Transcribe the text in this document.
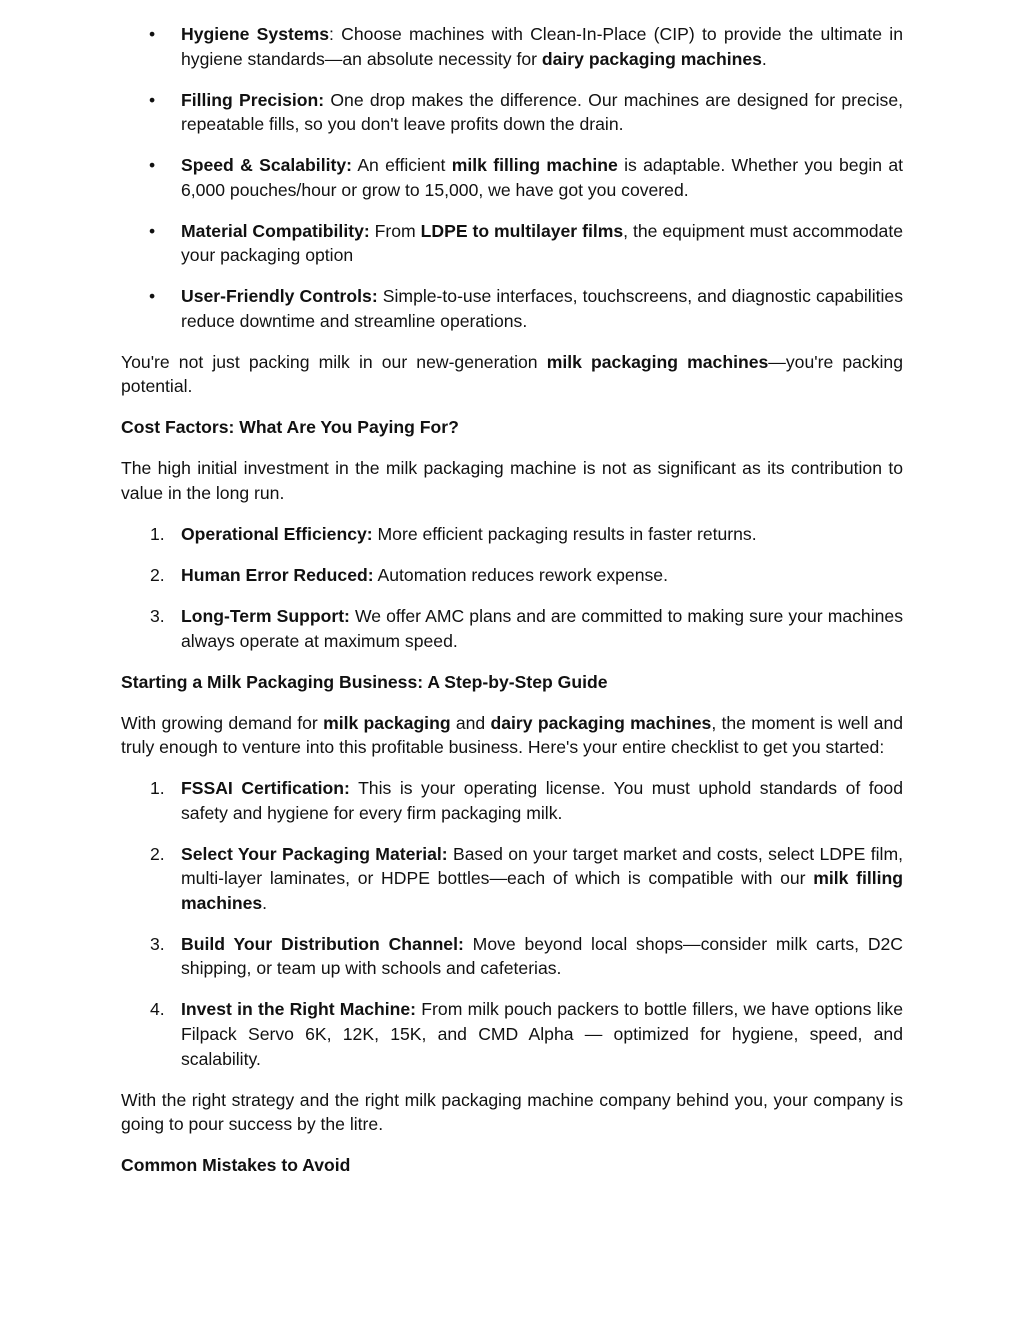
• Hygiene Systems: Choose machines with Clean-In-Place (CIP) to provide the ultimate in hygiene standards—an absolute necessity for dairy packaging machines.
• Filling Precision: One drop makes the difference. Our machines are designed for precise, repeatable fills, so you don't leave profits down the drain.
• Speed & Scalability: An efficient milk filling machine is adaptable. Whether you begin at 6,000 pouches/hour or grow to 15,000, we have got you covered.
• Material Compatibility: From LDPE to multilayer films, the equipment must accommodate your packaging option
• User-Friendly Controls: Simple-to-use interfaces, touchscreens, and diagnostic capabilities reduce downtime and streamline operations.

You're not just packing milk in our new-generation milk packaging machines—you're packing potential.

Cost Factors: What Are You Paying For?

The high initial investment in the milk packaging machine is not as significant as its contribution to value in the long run.

1. Operational Efficiency: More efficient packaging results in faster returns.
2. Human Error Reduced: Automation reduces rework expense.
3. Long-Term Support: We offer AMC plans and are committed to making sure your machines always operate at maximum speed.

Starting a Milk Packaging Business: A Step-by-Step Guide

With growing demand for milk packaging and dairy packaging machines, the moment is well and truly enough to venture into this profitable business. Here's your entire checklist to get you started:

1. FSSAI Certification: This is your operating license. You must uphold standards of food safety and hygiene for every firm packaging milk.
2. Select Your Packaging Material: Based on your target market and costs, select LDPE film, multi-layer laminates, or HDPE bottles—each of which is compatible with our milk filling machines.
3. Build Your Distribution Channel: Move beyond local shops—consider milk carts, D2C shipping, or team up with schools and cafeterias.
4. Invest in the Right Machine: From milk pouch packers to bottle fillers, we have options like Filpack Servo 6K, 12K, 15K, and CMD Alpha — optimized for hygiene, speed, and scalability.

With the right strategy and the right milk packaging machine company behind you, your company is going to pour success by the litre.

Common Mistakes to Avoid
